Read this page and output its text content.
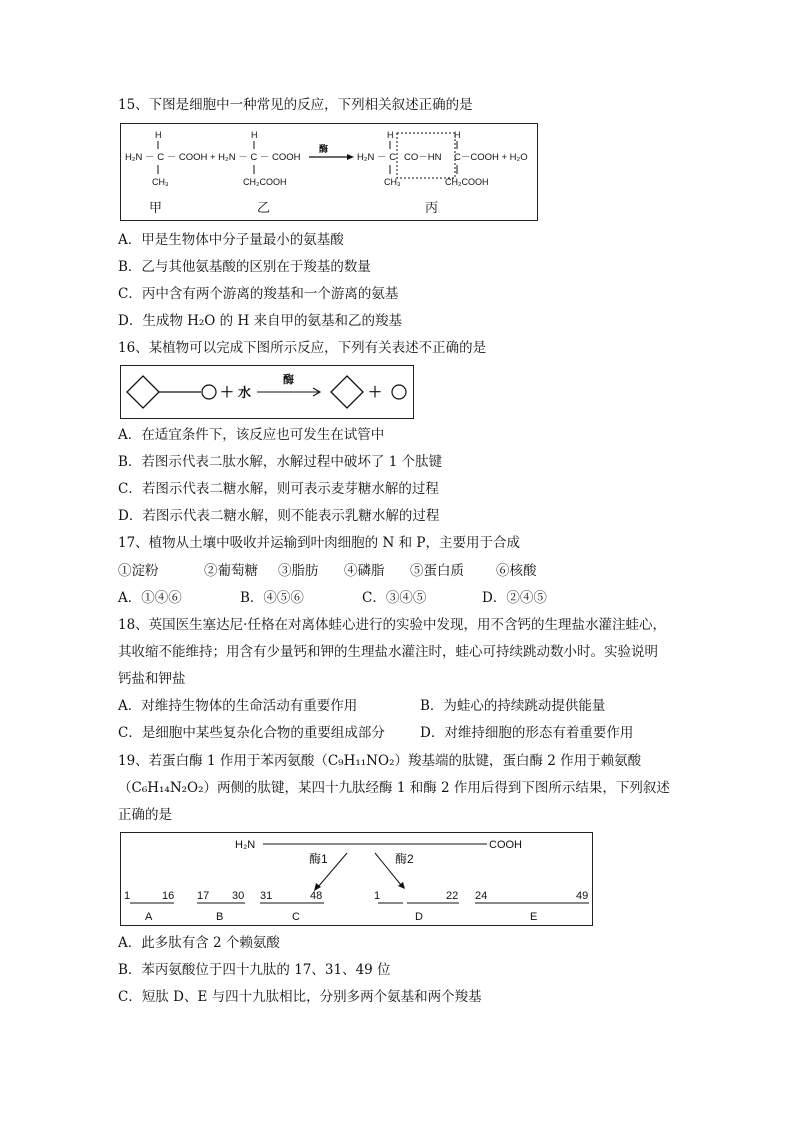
15、下图是细胞中一种常见的反应，下列相关叙述正确的是
H
H₂N － C － COOH + H₂N － C － COOH
CH₃
H
CH₂COOH
酶
H
H₂N － C CO－HN
H
C－COOH + H₂O
CH₃	CH₂COOH
甲	乙	丙
A．甲是生物体中分子量最小的氨基酸
B．乙与其他氨基酸的区别在于羧基的数量
C．丙中含有两个游离的羧基和一个游离的氨基
D．生成物 H₂O 的 H 来自甲的氨基和乙的羧基
16、某植物可以完成下图所示反应，下列有关表述不正确的是
＋ 水
酶
＋
A．在适宜条件下，该反应也可发生在试管中
B．若图示代表二肽水解，水解过程中破坏了 1 个肽键
C．若图示代表二糖水解，则可表示麦芽糖水解的过程
D．若图示代表二糖水解，则不能表示乳糖水解的过程
17、植物从土壤中吸收并运输到叶肉细胞的 N 和 P，主要用于合成
①淀粉	②葡萄糖 ③脂肪 ④磷脂 ⑤蛋白质 ⑥核酸
A．①④⑥	B．④⑤⑥	C．③④⑤	D．②④⑤
18、英国医生塞达尼·任格在对离体蛙心进行的实验中发现，用不含钙的生理盐水灌注蛙心，
其收缩不能维持；用含有少量钙和钾的生理盐水灌注时，蛙心可持续跳动数小时。实验说明
钙盐和钾盐
A．对维持生物体的生命活动有重要作用	B．为蛙心的持续跳动提供能量
C．是细胞中某些复杂化合物的重要组成部分	D．对维持细胞的形态有着重要作用
19、若蛋白酶 1 作用于苯丙氨酸（C₉H₁₁NO₂）羧基端的肽键，蛋白酶 2 作用于赖氨酸
（C₆H₁₄N₂O₂）两侧的肽键，某四十九肽经酶 1 和酶 2 作用后得到下图所示结果，下列叙述
正确的是
H₂N	COOH
酶1	酶2
1	16 17 30 31	48	1	22 24	49
A	B	C	D	E
A．此多肽有含 2 个赖氨酸
B．苯丙氨酸位于四十九肽的 17、31、49 位
C．短肽 D、E 与四十九肽相比，分别多两个氨基和两个羧基
